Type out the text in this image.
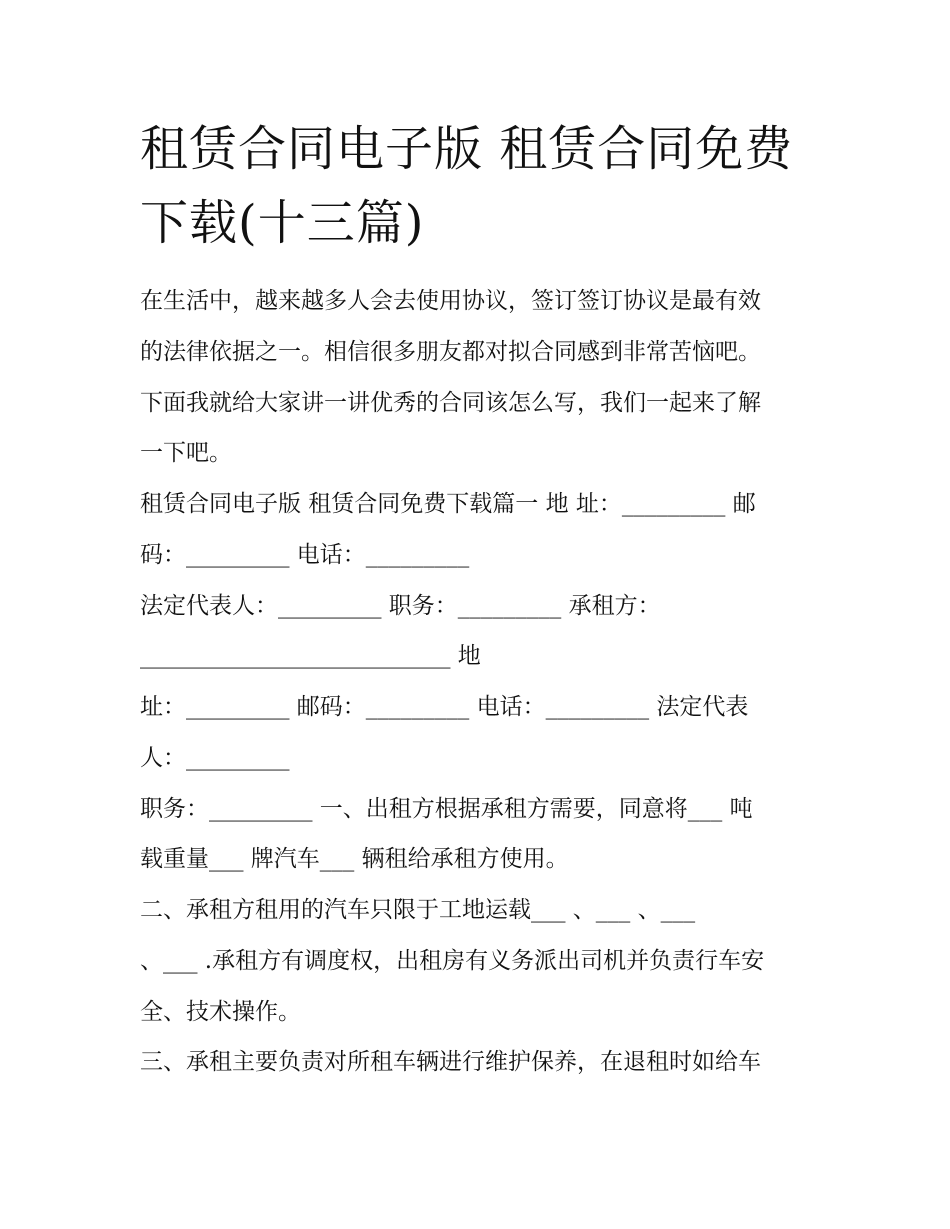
租赁合同电子版 租赁合同免费下载(十三篇)

在生活中，越来越多人会去使用协议，签订签订协议是最有效

的法律依据之一。相信很多朋友都对拟合同感到非常苦恼吧。

下面我就给大家讲一讲优秀的合同该怎么写，我们一起来了解

一下吧。

租赁合同电子版 租赁合同免费下载篇一 地 址：_________ 邮

码：_________ 电话：_________

法定代表人：_________ 职务：_________ 承租方：

___________________________ 地

址：_________ 邮码：_________ 电话：_________ 法定代表

人：_________

职务：_________ 一、出租方根据承租方需要，同意将___ 吨

载重量___ 牌汽车___ 辆租给承租方使用。

二、承租方租用的汽车只限于工地运载___ 、___ 、___

、___ .承租方有调度权，出租房有义务派出司机并负责行车安

全、技术操作。

三、承租主要负责对所租车辆进行维护保养，在退租时如给车
